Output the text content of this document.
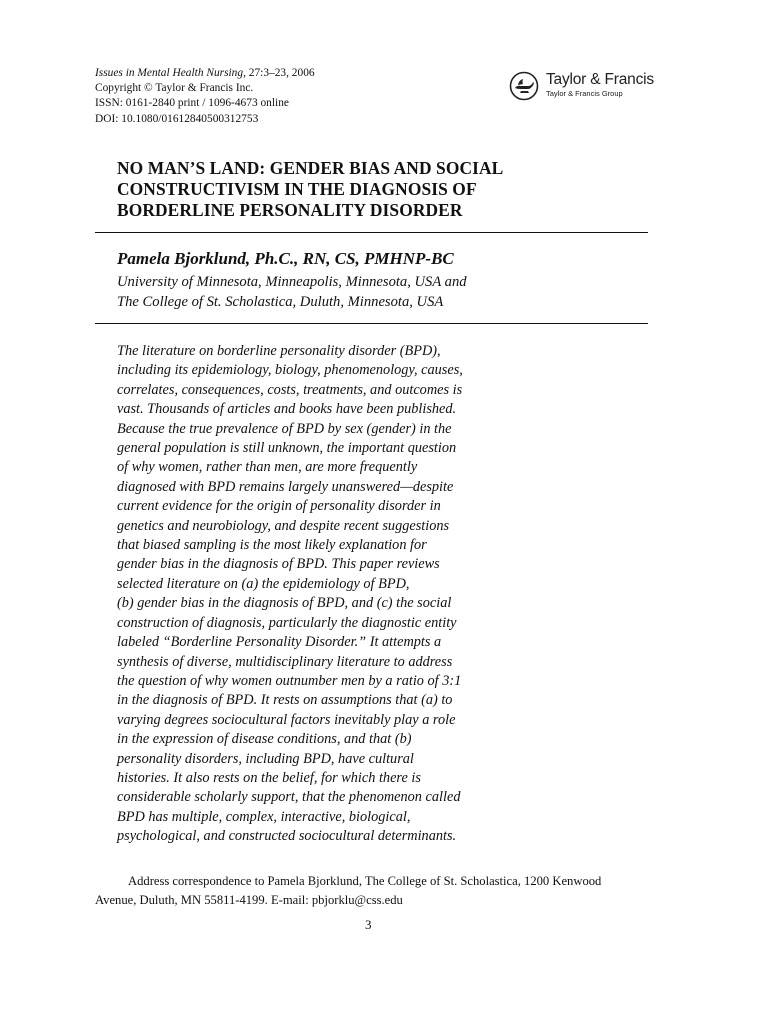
Issues in Mental Health Nursing, 27:3–23, 2006
Copyright © Taylor & Francis Inc.
ISSN: 0161-2840 print / 1096-4673 online
DOI: 10.1080/01612840500312753
Taylor & Francis
Taylor & Francis Group
NO MAN’S LAND: GENDER BIAS AND SOCIAL
CONSTRUCTIVISM IN THE DIAGNOSIS OF
BORDERLINE PERSONALITY DISORDER
Pamela Bjorklund, Ph.C., RN, CS, PMHNP-BC
University of Minnesota, Minneapolis, Minnesota, USA and
The College of St. Scholastica, Duluth, Minnesota, USA
The literature on borderline personality disorder (BPD),
including its epidemiology, biology, phenomenology, causes,
correlates, consequences, costs, treatments, and outcomes is
vast. Thousands of articles and books have been published.
Because the true prevalence of BPD by sex (gender) in the
general population is still unknown, the important question
of why women, rather than men, are more frequently
diagnosed with BPD remains largely unanswered—despite
current evidence for the origin of personality disorder in
genetics and neurobiology, and despite recent suggestions
that biased sampling is the most likely explanation for
gender bias in the diagnosis of BPD. This paper reviews
selected literature on (a) the epidemiology of BPD,
(b) gender bias in the diagnosis of BPD, and (c) the social
construction of diagnosis, particularly the diagnostic entity
labeled “Borderline Personality Disorder.” It attempts a
synthesis of diverse, multidisciplinary literature to address
the question of why women outnumber men by a ratio of 3:1
in the diagnosis of BPD. It rests on assumptions that (a) to
varying degrees sociocultural factors inevitably play a role
in the expression of disease conditions, and that (b)
personality disorders, including BPD, have cultural
histories. It also rests on the belief, for which there is
considerable scholarly support, that the phenomenon called
BPD has multiple, complex, interactive, biological,
psychological, and constructed sociocultural determinants.
Address correspondence to Pamela Bjorklund, The College of St. Scholastica, 1200 Kenwood
Avenue, Duluth, MN 55811-4199. E-mail: pbjorklu@css.edu
3
